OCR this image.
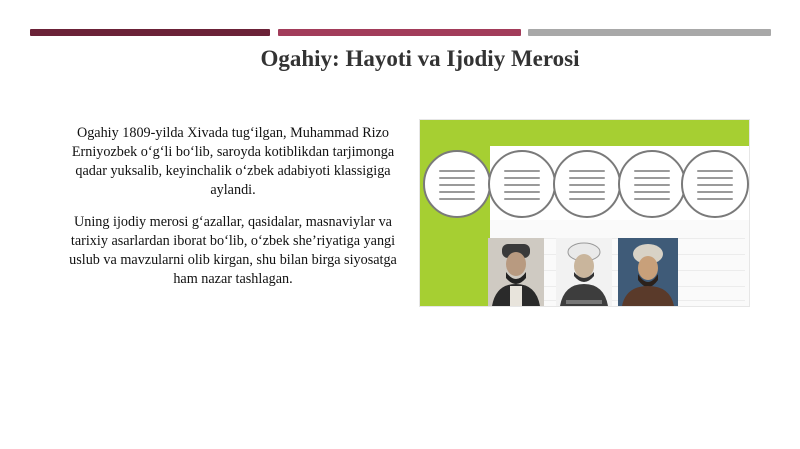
Ogahiy: Hayoti va Ijodiy Merosi

Ogahiy 1809-yilda Xivada tug‘ilgan, Muhammad Rizo Erniyozbek o‘g‘li bo‘lib, saroyda kotiblikdan tarjimonga qadar yuksalib, keyinchalik o‘zbek adabiyoti klassigiga aylandi.

Uning ijodiy merosi g‘azallar, qasidalar, masnaviylar va tarixiy asarlardan iborat bo‘lib, o‘zbek she’riyatiga yangi uslub va mavzularni olib kirgan, shu bilan birga siyosatga ham nazar tashlagan.
